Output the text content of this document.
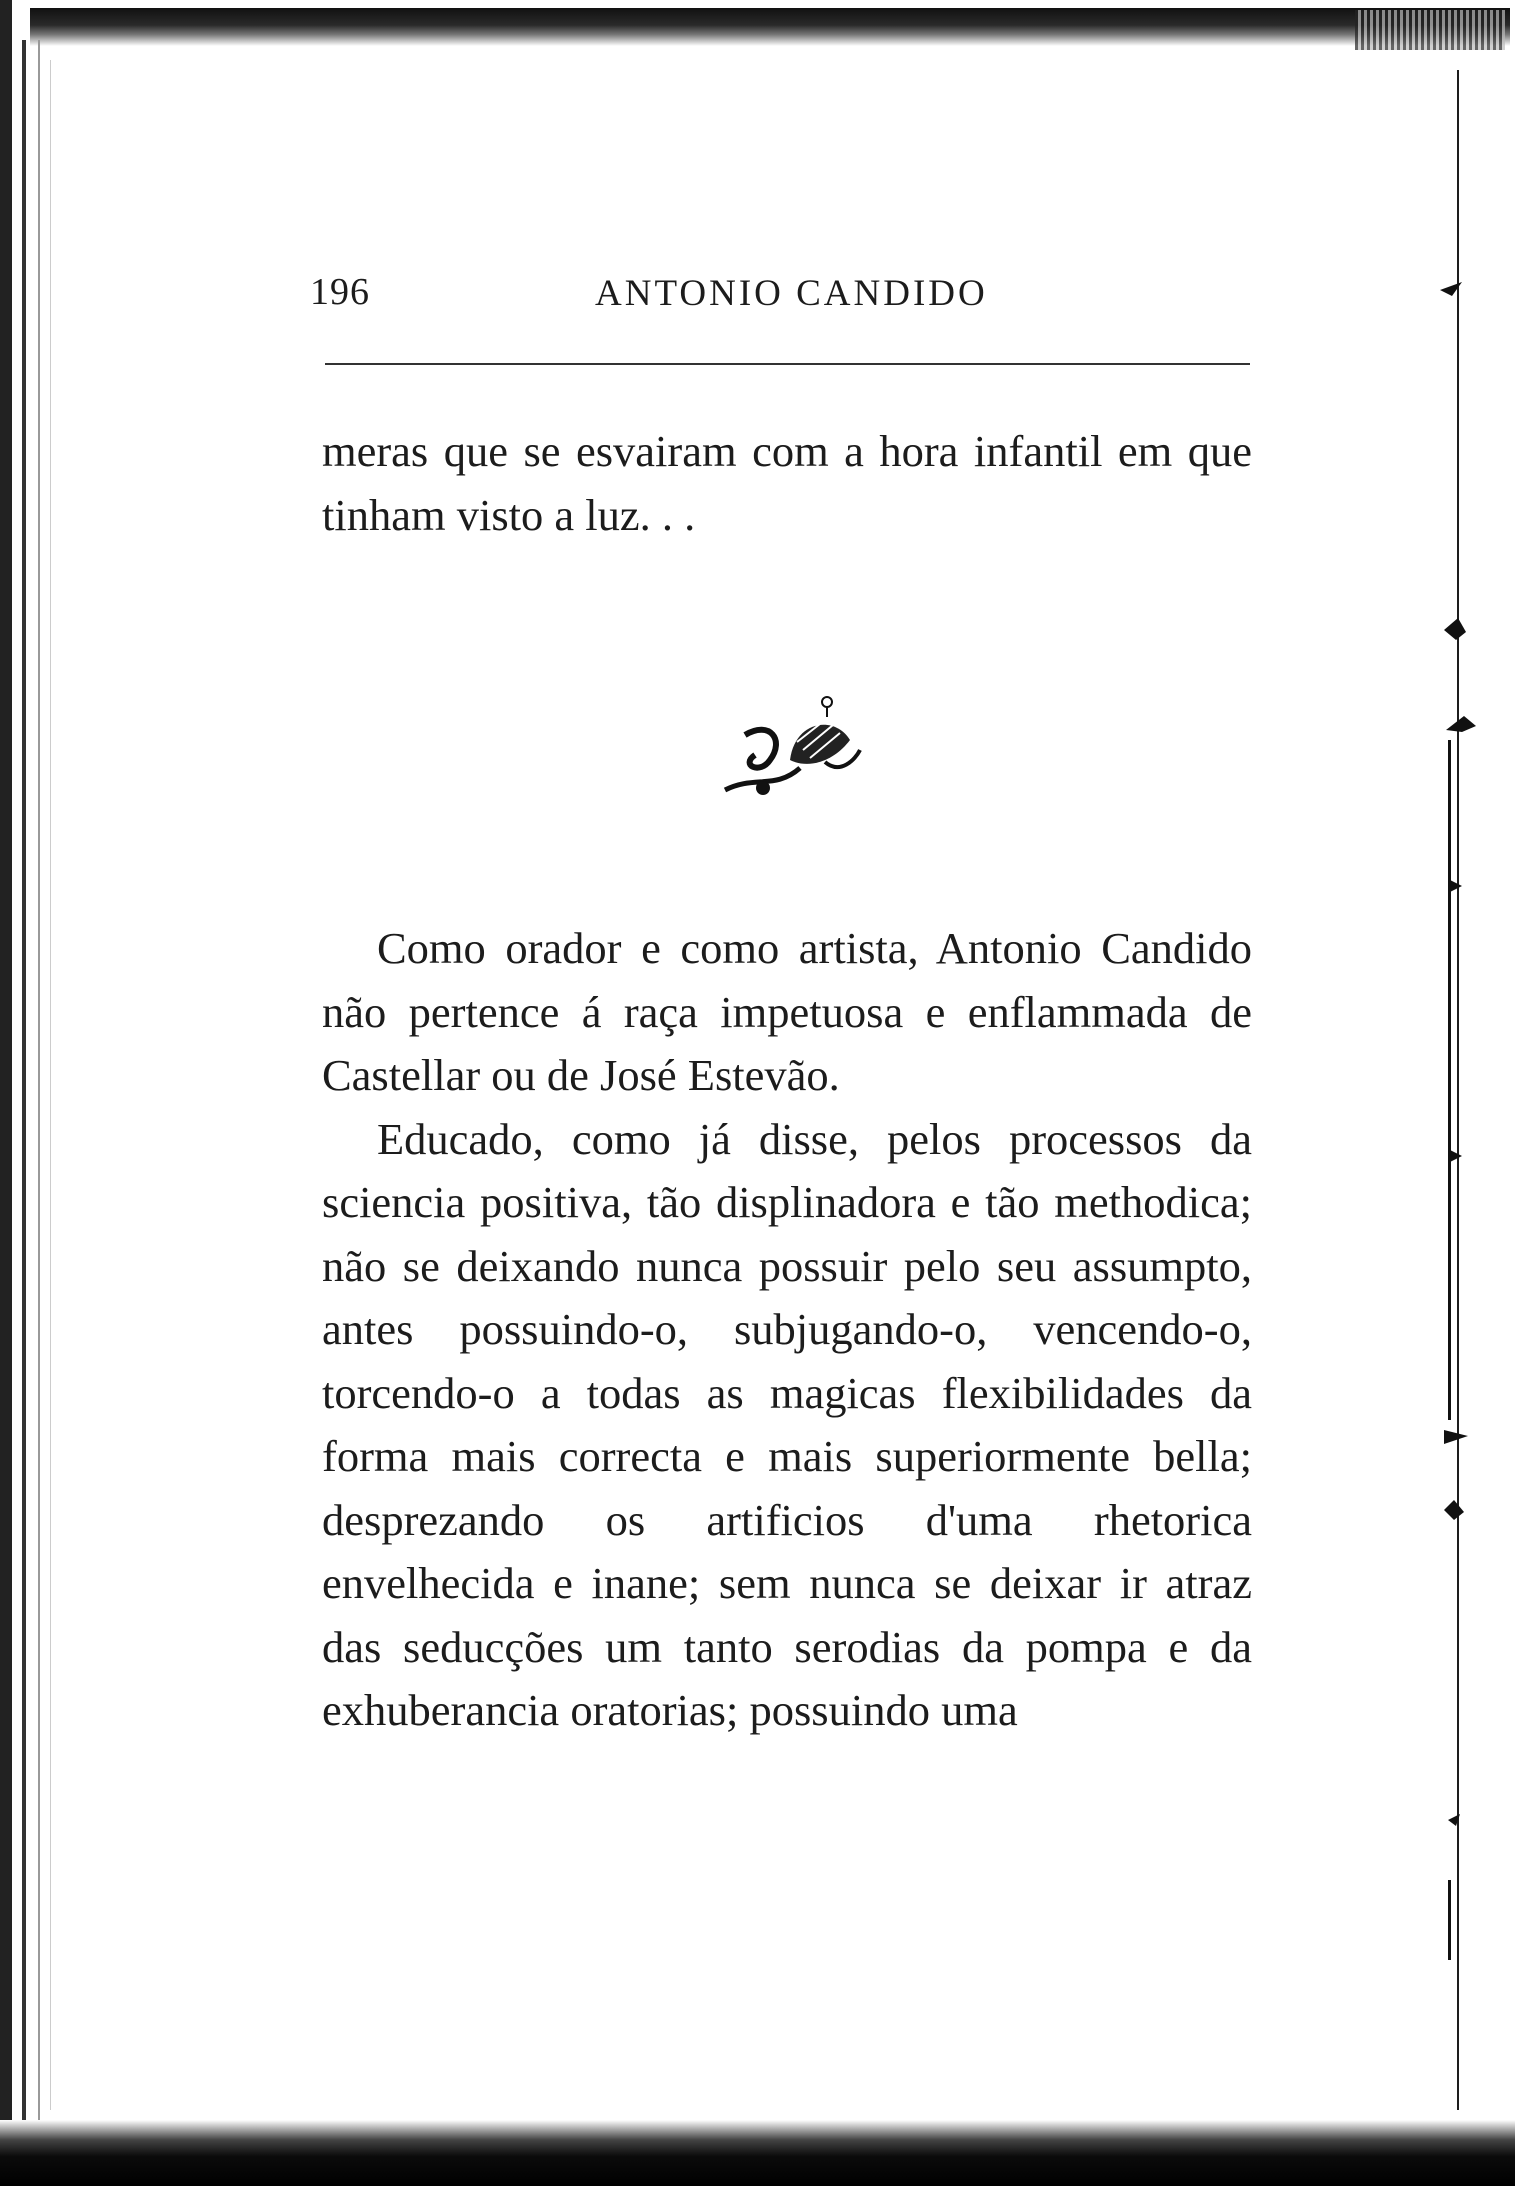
196	ANTONIO CANDIDO

meras que se esvairam com a hora infantil em que tinham visto a luz. . .

Como orador e como artista, Antonio Candido não pertence á raça impetuosa e enflammada de Castellar ou de José Estevão.

Educado, como já disse, pelos processos da sciencia positiva, tão displinadora e tão methodica; não se deixando nunca possuir pelo seu assumpto, antes possuindo-o, subjugando-o, vencendo-o, torcendo-o a todas as magicas flexibilidades da forma mais correcta e mais superiormente bella; desprezando os artificios d'uma rhetorica envelhecida e inane; sem nunca se deixar ir atraz das seducções um tanto serodias da pompa e da exhuberancia oratorias; possuindo uma
